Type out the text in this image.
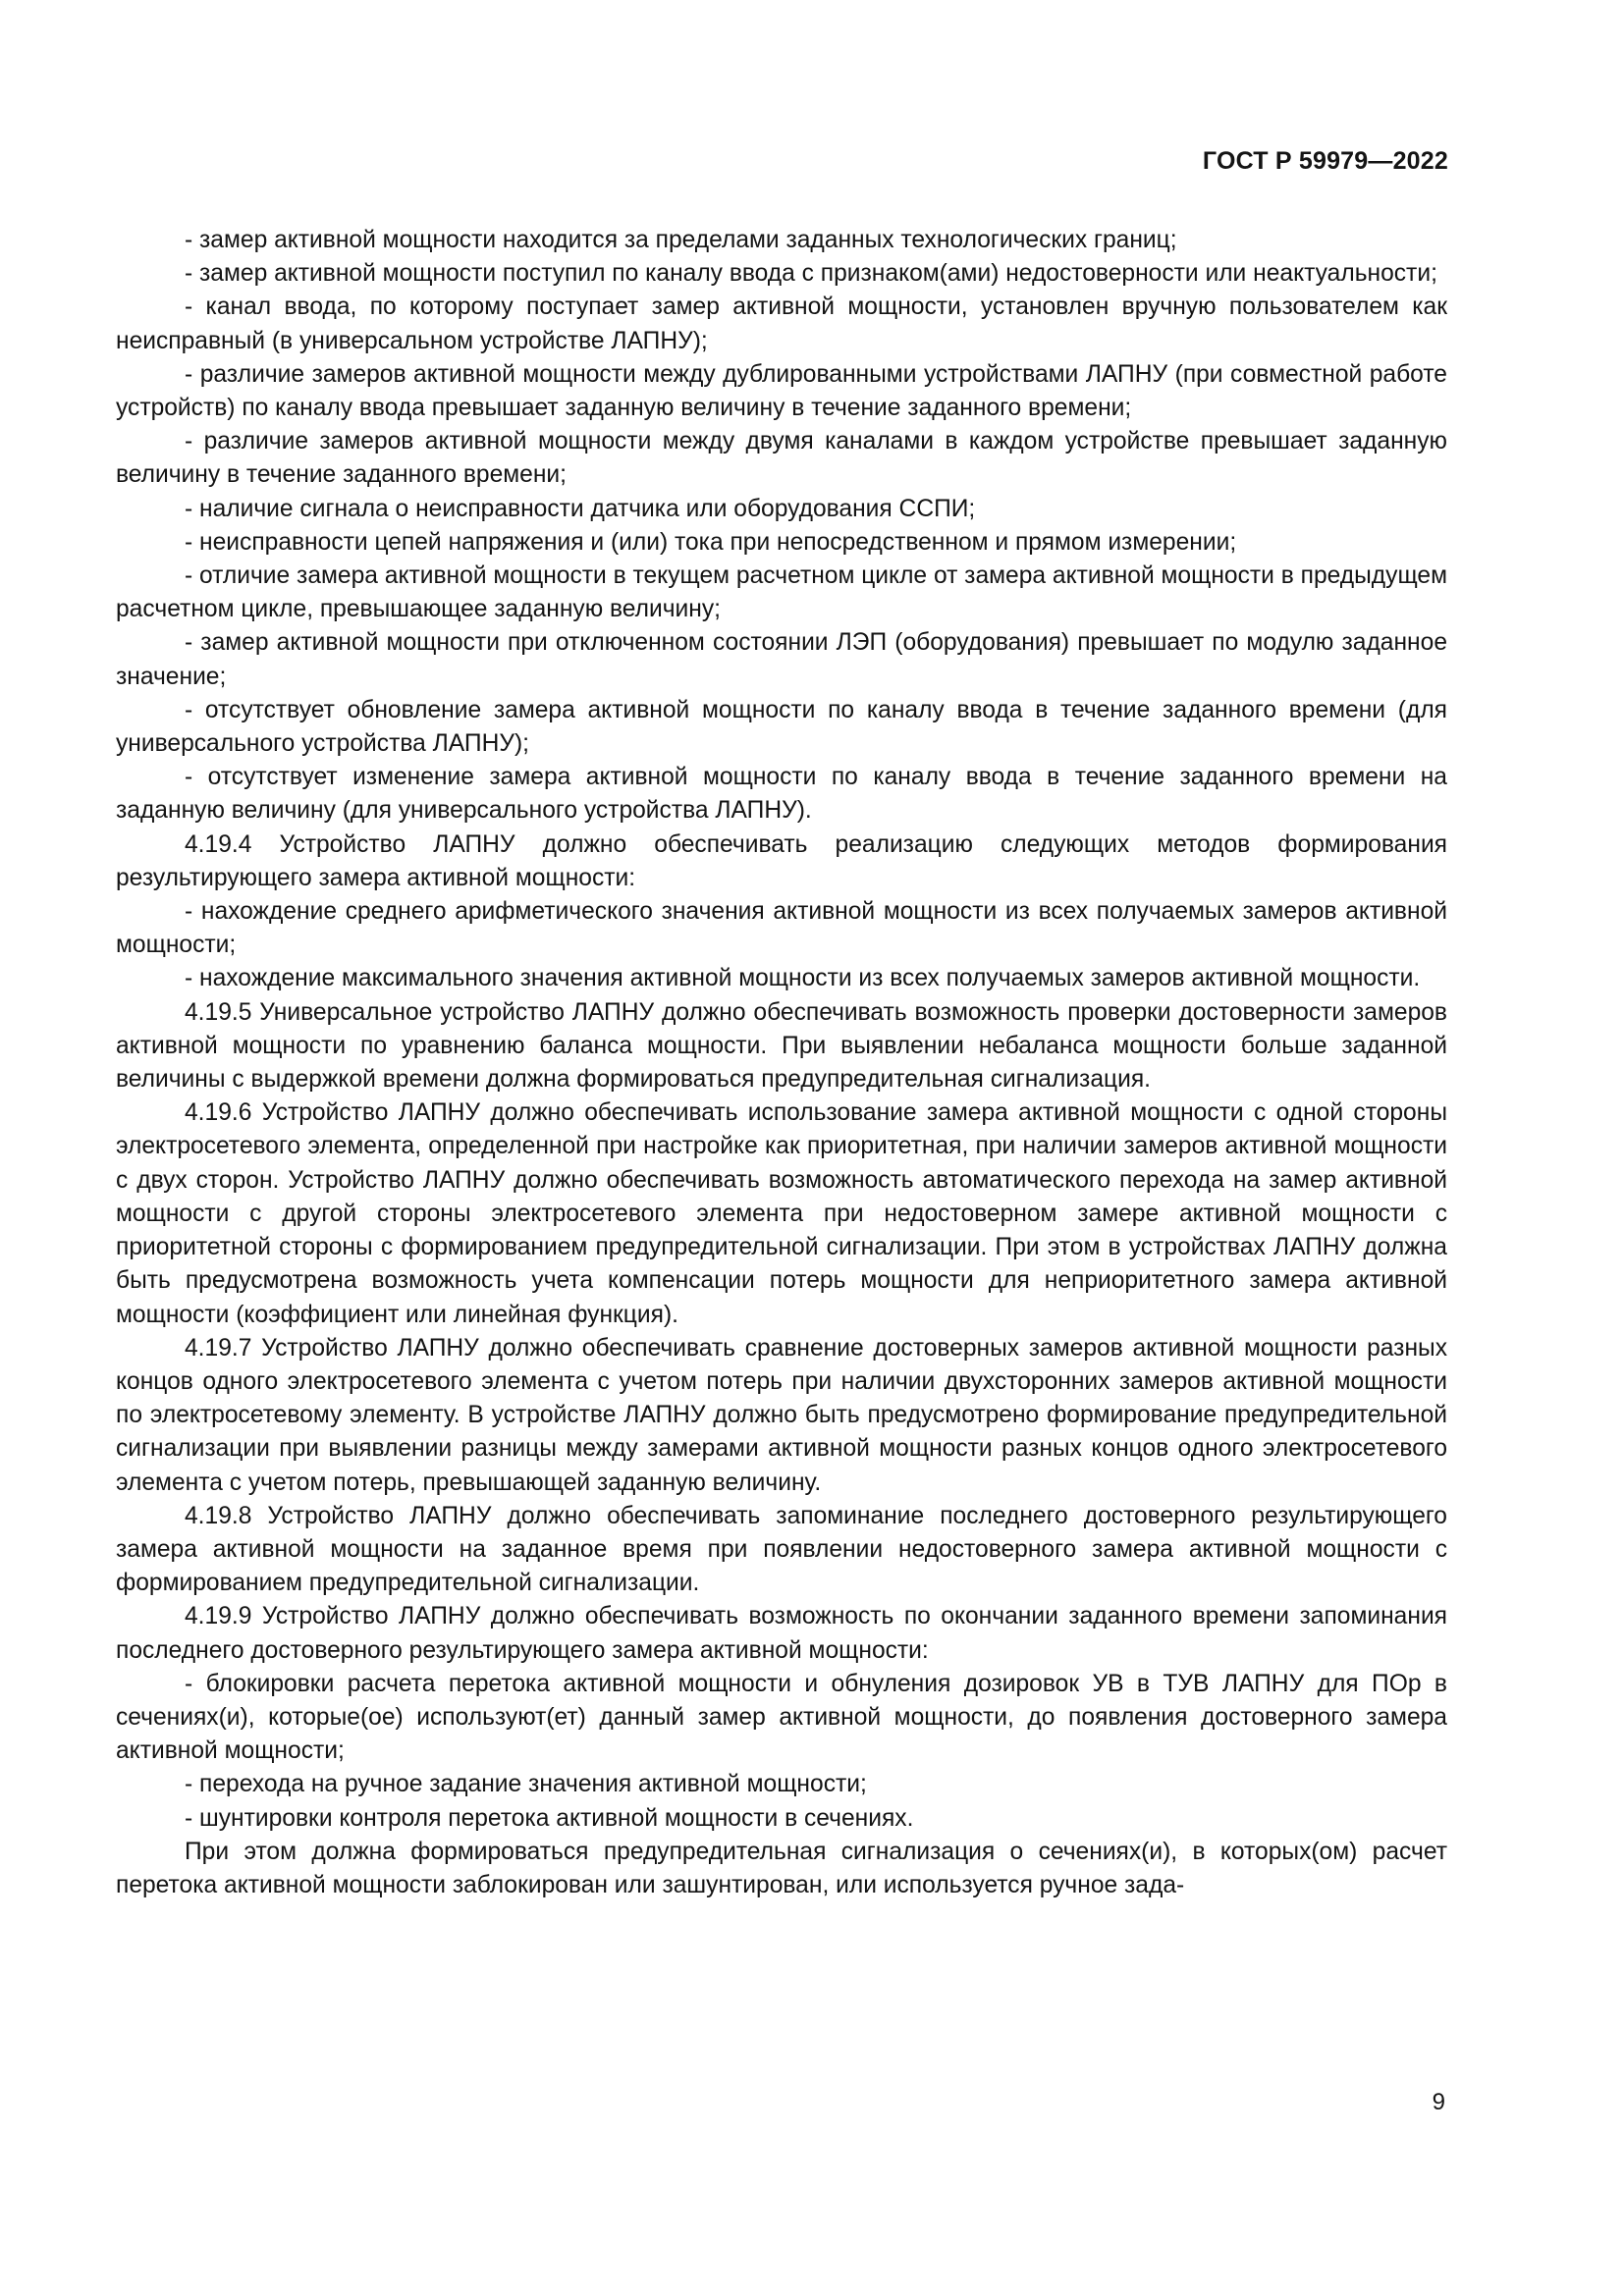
ГОСТ Р 59979—2022

- замер активной мощности находится за пределами заданных технологических границ;

- замер активной мощности поступил по каналу ввода с признаком(ами) недостоверности или неактуальности;

- канал ввода, по которому поступает замер активной мощности, установлен вручную пользователем как неисправный (в универсальном устройстве ЛАПНУ);

- различие замеров активной мощности между дублированными устройствами ЛАПНУ (при совместной работе устройств) по каналу ввода превышает заданную величину в течение заданного времени;

- различие замеров активной мощности между двумя каналами в каждом устройстве превышает заданную величину в течение заданного времени;

- наличие сигнала о неисправности датчика или оборудования ССПИ;

- неисправности цепей напряжения и (или) тока при непосредственном и прямом измерении;

- отличие замера активной мощности в текущем расчетном цикле от замера активной мощности в предыдущем расчетном цикле, превышающее заданную величину;

- замер активной мощности при отключенном состоянии ЛЭП (оборудования) превышает по модулю заданное значение;

- отсутствует обновление замера активной мощности по каналу ввода в течение заданного времени (для универсального устройства ЛАПНУ);

- отсутствует изменение замера активной мощности по каналу ввода в течение заданного времени на заданную величину (для универсального устройства ЛАПНУ).

4.19.4 Устройство ЛАПНУ должно обеспечивать реализацию следующих методов формирования результирующего замера активной мощности:

- нахождение среднего арифметического значения активной мощности из всех получаемых замеров активной мощности;

- нахождение максимального значения активной мощности из всех получаемых замеров активной мощности.

4.19.5 Универсальное устройство ЛАПНУ должно обеспечивать возможность проверки достоверности замеров активной мощности по уравнению баланса мощности. При выявлении небаланса мощности больше заданной величины с выдержкой времени должна формироваться предупредительная сигнализация.

4.19.6 Устройство ЛАПНУ должно обеспечивать использование замера активной мощности с одной стороны электросетевого элемента, определенной при настройке как приоритетная, при наличии замеров активной мощности с двух сторон. Устройство ЛАПНУ должно обеспечивать возможность автоматического перехода на замер активной мощности с другой стороны электросетевого элемента при недостоверном замере активной мощности с приоритетной стороны с формированием предупредительной сигнализации. При этом в устройствах ЛАПНУ должна быть предусмотрена возможность учета компенсации потерь мощности для неприоритетного замера активной мощности (коэффициент или линейная функция).

4.19.7 Устройство ЛАПНУ должно обеспечивать сравнение достоверных замеров активной мощности разных концов одного электросетевого элемента с учетом потерь при наличии двухсторонних замеров активной мощности по электросетевому элементу. В устройстве ЛАПНУ должно быть предусмотрено формирование предупредительной сигнализации при выявлении разницы между замерами активной мощности разных концов одного электросетевого элемента с учетом потерь, превышающей заданную величину.

4.19.8 Устройство ЛАПНУ должно обеспечивать запоминание последнего достоверного результирующего замера активной мощности на заданное время при появлении недостоверного замера активной мощности с формированием предупредительной сигнализации.

4.19.9 Устройство ЛАПНУ должно обеспечивать возможность по окончании заданного времени запоминания последнего достоверного результирующего замера активной мощности:

- блокировки расчета перетока активной мощности и обнуления дозировок УВ в ТУВ ЛАПНУ для ПОр в сечениях(и), которые(ое) используют(ет) данный замер активной мощности, до появления достоверного замера активной мощности;

- перехода на ручное задание значения активной мощности;

- шунтировки контроля перетока активной мощности в сечениях.

При этом должна формироваться предупредительная сигнализация о сечениях(и), в которых(ом) расчет перетока активной мощности заблокирован или зашунтирован, или используется ручное зада-

9
